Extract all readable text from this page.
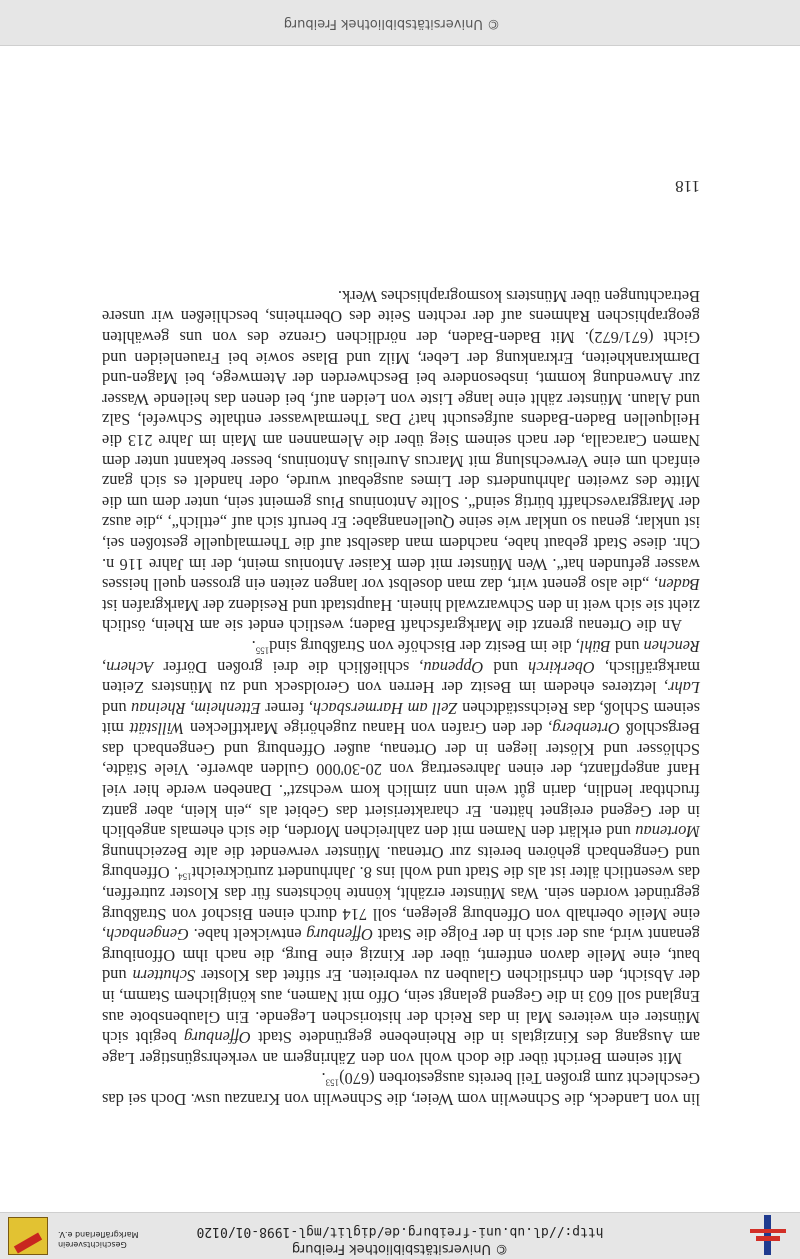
© Universitätsbibliothek Freiburg
http://dl.ub.uni-freiburg.de/diglit/mgl-1998-01/0120
Geschichtsverein
Markgräflerland e.V.

lin von Landeck, die Schnewlin vom Weier, die Schnewlin von Kranzau usw. Doch sei das Geschlecht zum großen Teil bereits ausgestorben $(670)^{153}$.

Mit seinem Bericht über die doch wohl von den Zähringern an verkehrsgünstiger Lage am Ausgang des Kinzigtals in die Rheinebene gegründete Stadt Offenburg begibt sich Münster ein weiteres Mal in das Reich der historischen Legende. Ein Glaubensbote aus England soll 603 in die Gegend gelangt sein, Offo mit Namen, aus königlichem Stamm, in der Absicht, den christlichen Glauben zu verbreiten. Er stiftet das Kloster Schuttern und baut, eine Meile davon entfernt, über der Kinzig eine Burg, die nach ihm Offoniburg genannt wird, aus der sich in der Folge die Stadt Offenburg entwickelt habe. Gengenbach, eine Meile oberhalb von Offenburg gelegen, soll 714 durch einen Bischof von Straßburg gegründet worden sein. Was Münster erzählt, könnte höchstens für das Kloster zutreffen, das wesentlich älter ist als die Stadt und wohl ins 8. Jahrhundert zurückreicht$^{154}$. Offenburg und Gengenbach gehören bereits zur Ortenau. Münster verwendet die alte Bezeichnung Mortenau und erklärt den Namen mit den zahlreichen Morden, die sich ehemals angeblich in der Gegend ereignet hätten. Er charakterisiert das Gebiet als „ein klein, aber gantz fruchtbar lendlin, darin gůt wein unn zimlich korn wechszt“. Daneben werde hier viel Hanf angepflanzt, der einen Jahresertrag von 20-30'000 Gulden abwerfe. Viele Städte, Schlösser und Klöster liegen in der Ortenau, außer Offenburg und Gengenbach das Bergschloß Ortenberg, der den Grafen von Hanau zugehörige Marktflecken Willstätt mit seinem Schloß, das Reichsstädtchen Zell am Harmersbach, ferner Ettenheim, Rheinau und Lahr, letzteres ehedem im Besitz der Herren von Geroldseck und zu Münsters Zeiten markgräflisch, Oberkirch und Oppenau, schließlich die drei großen Dörfer Achern, Renchen und Bühl, die im Besitz der Bischöfe von Straßburg sind$^{155}$.

An die Ortenau grenzt die Markgrafschaft Baden; westlich endet sie am Rhein, östlich zieht sie sich weit in den Schwarzwald hinein. Hauptstadt und Residenz der Markgrafen ist Baden, „die also genent wirt, daz man doselbst vor langen zeiten ein grossen quell heisses wasser gefunden hat“. Wen Münster mit dem Kaiser Antonius meint, der im Jahre 116 n. Chr. diese Stadt gebaut habe, nachdem man daselbst auf die Thermalquelle gestoßen sei, ist unklar, genau so unklar wie seine Quellenangabe: Er beruft sich auf „ettlich“, „die ausz der Marggraveschafft bürtig seind“. Sollte Antoninus Pius gemeint sein, unter dem um die Mitte des zweiten Jahrhunderts der Limes ausgebaut wurde, oder handelt es sich ganz einfach um eine Verwechslung mit Marcus Aurelius Antoninus, besser bekannt unter dem Namen Caracalla, der nach seinem Sieg über die Alemannen am Main im Jahre 213 die Heilquellen Baden-Badens aufgesucht hat? Das Thermalwasser enthalte Schwefel, Salz und Alaun. Münster zählt eine lange Liste von Leiden auf, bei denen das heilende Wasser zur Anwendung kommt, insbesondere bei Beschwerden der Atemwege, bei Magen-und Darmkrankheiten, Erkrankung der Leber, Milz und Blase sowie bei Frauenleiden und Gicht (671/672). Mit Baden-Baden, der nördlichen Grenze des von uns gewählten geographischen Rahmens auf der rechten Seite des Oberrheins, beschließen wir unsere Betrachtungen über Münsters kosmographisches Werk.

118
© Universitätsbibliothek Freiburg
